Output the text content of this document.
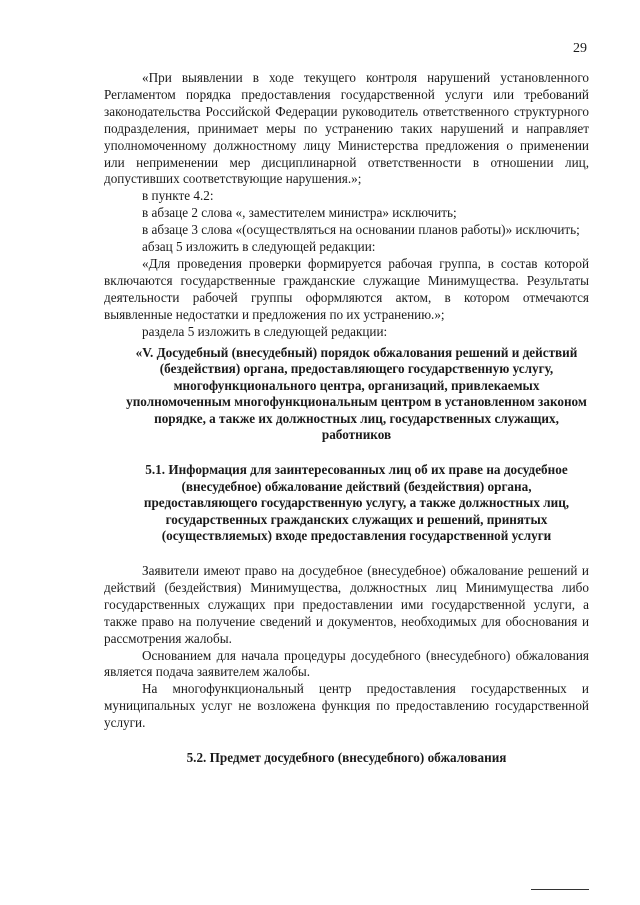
29

«При выявлении в ходе текущего контроля нарушений установленного Регламентом порядка предоставления государственной услуги или требований законодательства Российской Федерации руководитель ответственного структурного подразделения, принимает меры по устранению таких нарушений и направляет уполномоченному должностному лицу Министерства предложения о применении или неприменении мер дисциплинарной ответственности в отношении лиц, допустивших соответствующие нарушения.»;

в пункте 4.2:

в абзаце 2 слова «, заместителем министра» исключить;

в абзаце 3 слова «(осуществляться на основании планов работы)» исключить;

абзац 5 изложить в следующей редакции:

«Для проведения проверки формируется рабочая группа, в состав которой включаются государственные гражданские служащие Минимущества. Результаты деятельности рабочей группы оформляются актом, в котором отмечаются выявленные недостатки и предложения по их устранению.»;

раздела 5 изложить в следующей редакции:

«V. Досудебный (внесудебный) порядок обжалования решений и действий (бездействия) органа, предоставляющего государственную услугу, многофункционального центра, организаций, привлекаемых уполномоченным многофункциональным центром в установленном законом порядке, а также их должностных лиц, государственных служащих, работников
5.1. Информация для заинтересованных лиц об их праве на досудебное (внесудебное) обжалование действий (бездействия) органа, предоставляющего государственную услугу, а также должностных лиц, государственных гражданских служащих и решений, принятых (осуществляемых) входе предоставления государственной услуги

Заявители имеют право на досудебное (внесудебное) обжалование решений и действий (бездействия) Минимущества, должностных лиц Минимущества либо государственных служащих при предоставлении ими государственной услуги, а также право на получение сведений и документов, необходимых для обоснования и рассмотрения жалобы.

Основанием для начала процедуры досудебного (внесудебного) обжалования является подача заявителем жалобы.

На многофункциональный центр предоставления государственных и муниципальных услуг не возложена функция по предоставлению государственной услуги.

5.2. Предмет досудебного (внесудебного) обжалования
